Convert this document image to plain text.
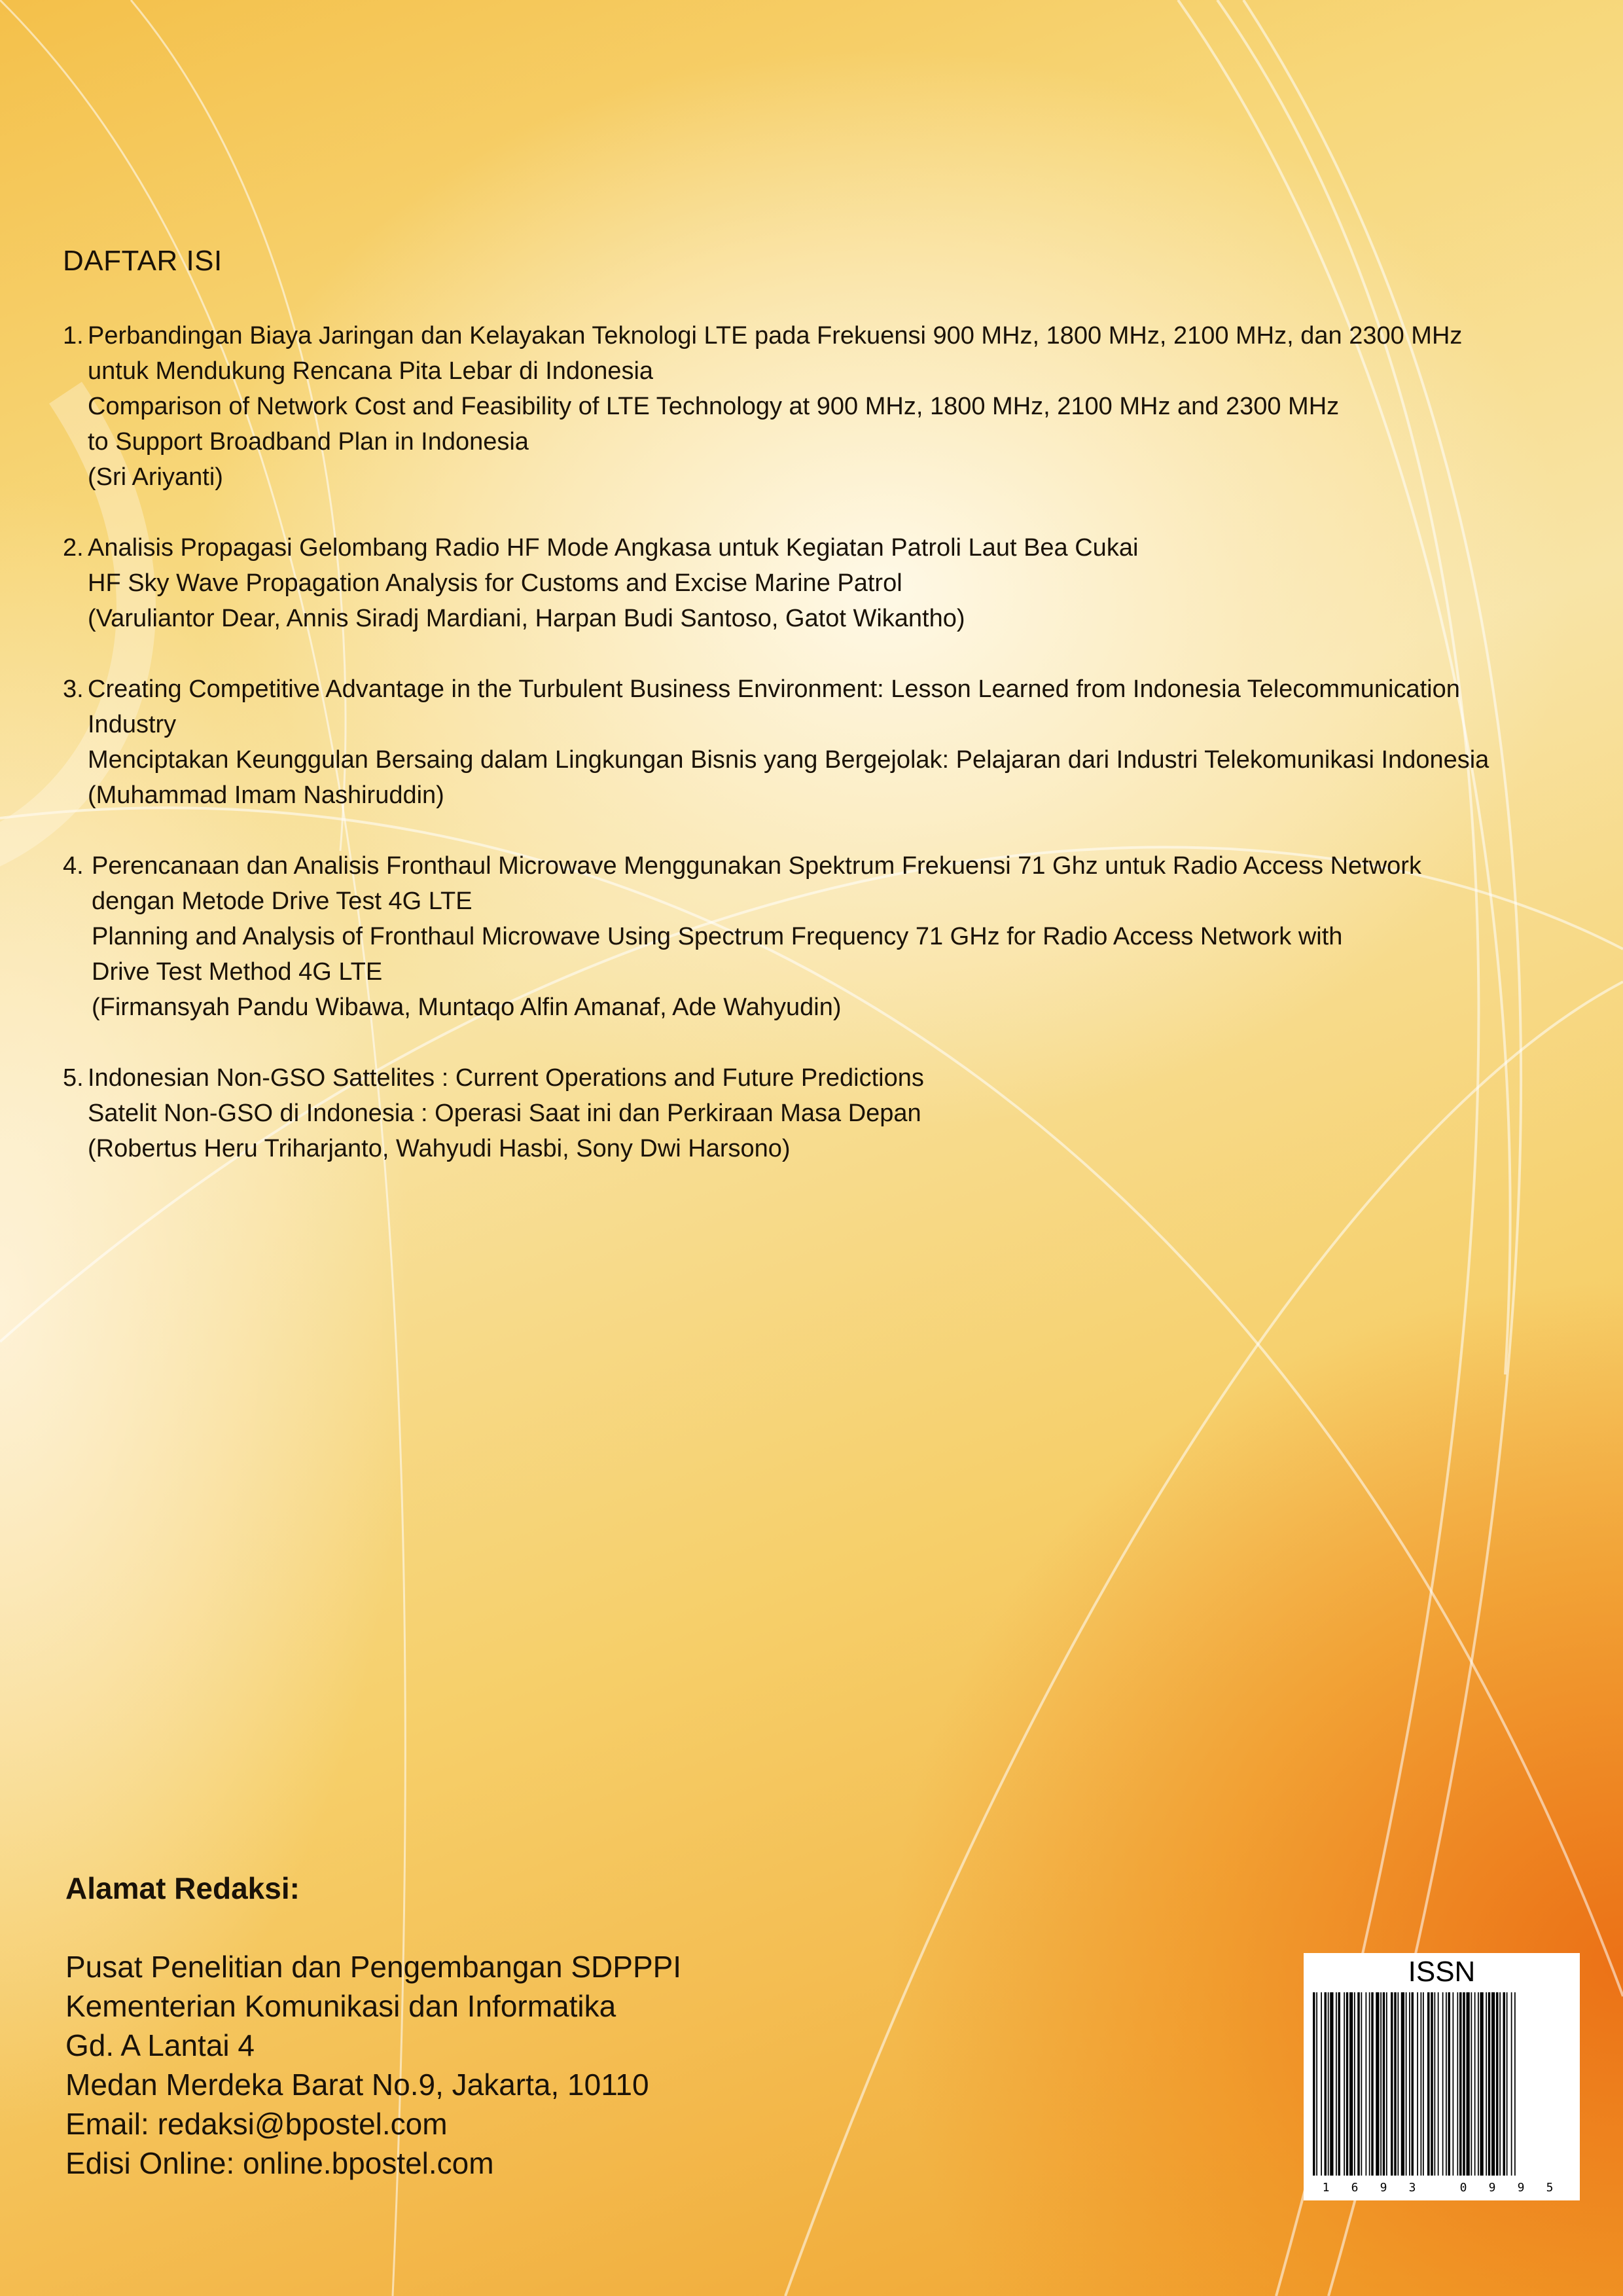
DAFTAR ISI
1. Perbandingan Biaya Jaringan dan Kelayakan Teknologi LTE pada Frekuensi 900 MHz, 1800 MHz, 2100 MHz, dan 2300 MHz
untuk Mendukung Rencana Pita Lebar di Indonesia
Comparison of Network Cost and Feasibility of LTE Technology at 900 MHz, 1800 MHz, 2100 MHz and 2300 MHz
to Support Broadband Plan in Indonesia
(Sri Ariyanti)
2. Analisis Propagasi Gelombang Radio HF Mode Angkasa untuk Kegiatan Patroli Laut Bea Cukai
HF Sky Wave Propagation Analysis for Customs and Excise Marine Patrol
(Varuliantor Dear, Annis Siradj Mardiani, Harpan Budi Santoso, Gatot Wikantho)
3. Creating Competitive Advantage in the Turbulent Business Environment: Lesson Learned from Indonesia Telecommunication
Industry
Menciptakan Keunggulan Bersaing dalam Lingkungan Bisnis yang Bergejolak: Pelajaran dari Industri Telekomunikasi Indonesia
(Muhammad Imam Nashiruddin)
4. Perencanaan dan Analisis Fronthaul Microwave Menggunakan Spektrum Frekuensi 71 Ghz untuk Radio Access Network
dengan Metode Drive Test 4G LTE
Planning and Analysis of Fronthaul Microwave Using Spectrum Frequency 71 GHz for Radio Access Network with
Drive Test Method 4G LTE
(Firmansyah Pandu Wibawa, Muntaqo Alfin Amanaf, Ade Wahyudin)
5. Indonesian Non-GSO Sattelites : Current Operations and Future Predictions
Satelit Non-GSO di Indonesia : Operasi Saat ini dan Perkiraan Masa Depan
(Robertus Heru Triharjanto, Wahyudi Hasbi, Sony Dwi Harsono)
Alamat Redaksi:
Pusat Penelitian dan Pengembangan SDPPPI
Kementerian Komunikasi dan Informatika
Gd. A Lantai 4
Medan Merdeka Barat No.9, Jakarta, 10110
Email: redaksi@bpostel.com
Edisi Online: online.bpostel.com
ISSN
1 6 9 3	0 9 9 5
